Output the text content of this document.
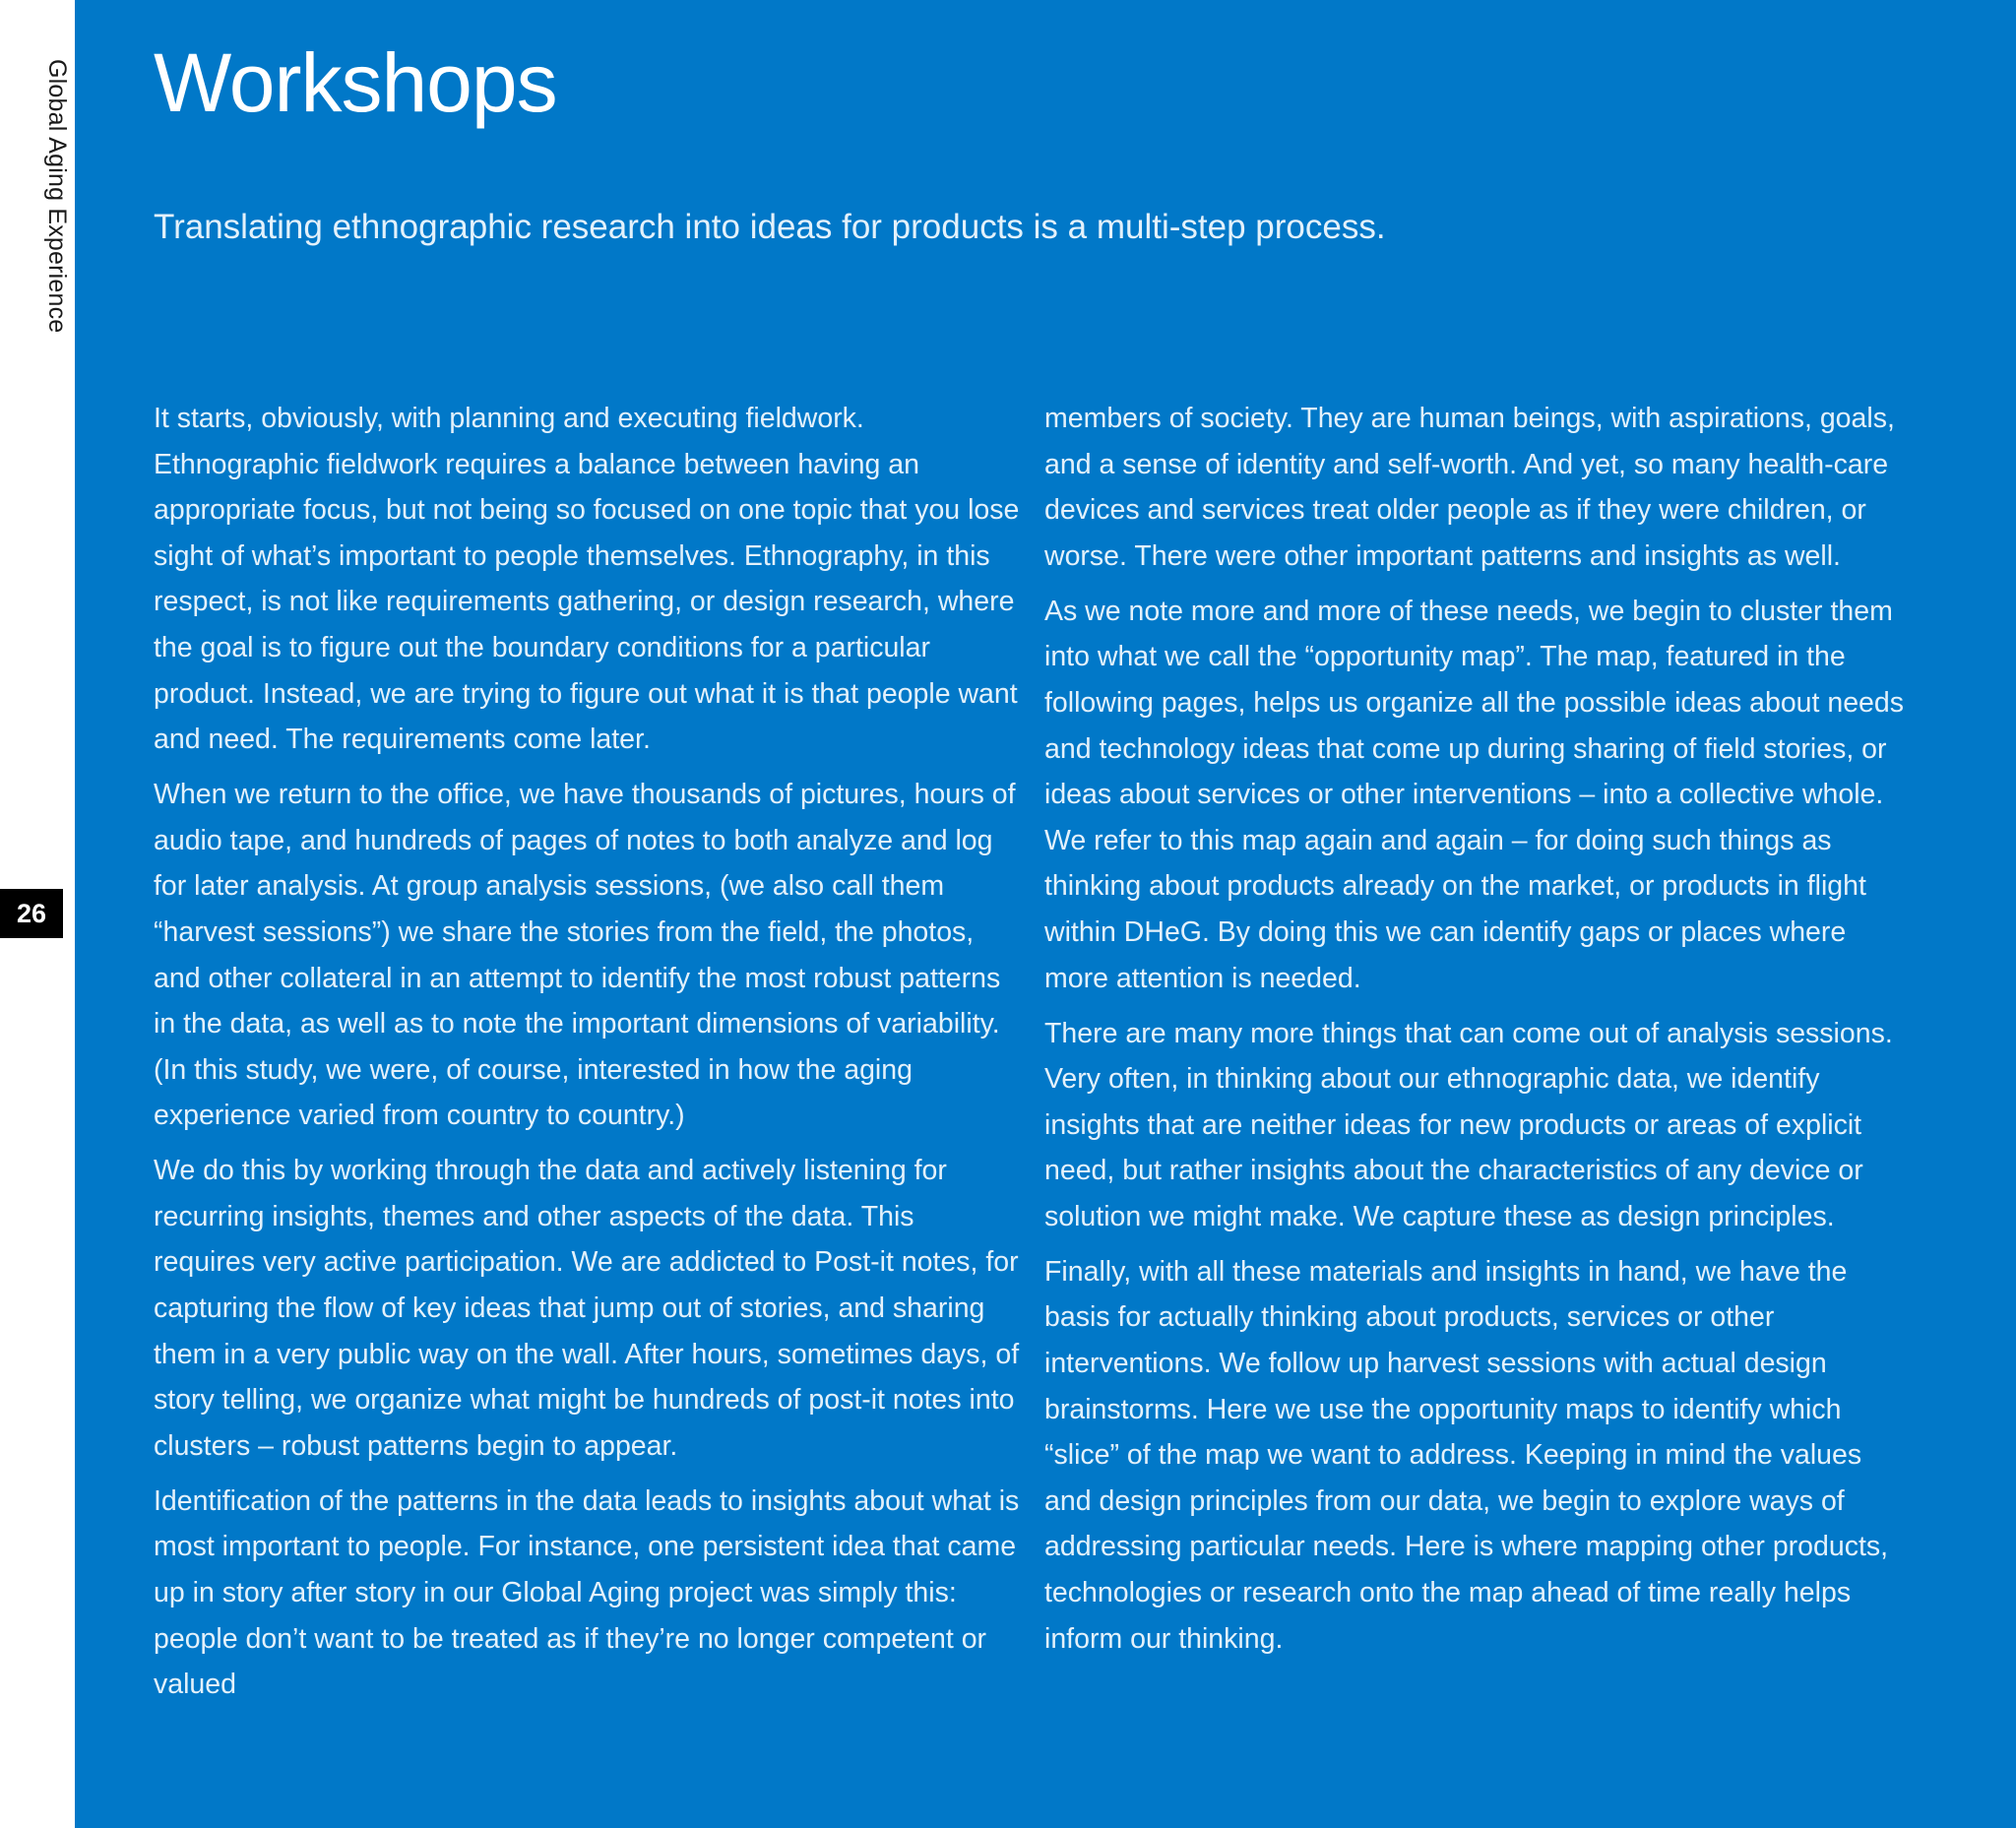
Global Aging Experience
26
Workshops
Translating ethnographic research into ideas for products is a multi-step process.

It starts, obviously, with planning and executing fieldwork. Ethnographic fieldwork requires a balance between having an appropriate focus, but not being so focused on one topic that you lose sight of what’s important to people themselves. Ethnography, in this respect, is not like requirements gathering, or design research, where the goal is to figure out the boundary conditions for a particular product. Instead, we are trying to figure out what it is that people want and need. The requirements come later.

When we return to the office, we have thousands of pictures, hours of audio tape, and hundreds of pages of notes to both analyze and log for later analysis. At group analysis sessions, (we also call them “harvest sessions”) we share the stories from the field, the photos, and other collateral in an attempt to identify the most robust patterns in the data, as well as to note the important dimensions of variability. (In this study, we were, of course, interested in how the aging experience varied from country to country.)

We do this by working through the data and actively listening for recurring insights, themes and other aspects of the data. This requires very active participation. We are addicted to Post-it notes, for capturing the flow of key ideas that jump out of stories, and sharing them in a very public way on the wall. After hours, sometimes days, of story telling, we organize what might be hundreds of post-it notes into clusters – robust patterns begin to appear.

Identification of the patterns in the data leads to insights about what is most important to people. For instance, one persistent idea that came up in story after story in our Global Aging project was simply this: people don’t want to be treated as if they’re no longer competent or valued

members of society. They are human beings, with aspirations, goals, and a sense of identity and self-worth. And yet, so many health-care devices and services treat older people as if they were children, or worse. There were other important patterns and insights as well.

As we note more and more of these needs, we begin to cluster them into what we call the “opportunity map”. The map, featured in the following pages, helps us organize all the possible ideas about needs and technology ideas that come up during sharing of field stories, or ideas about services or other interventions – into a collective whole. We refer to this map again and again – for doing such things as thinking about products already on the market, or products in flight within DHeG. By doing this we can identify gaps or places where more attention is needed.

There are many more things that can come out of analysis sessions. Very often, in thinking about our ethnographic data, we identify insights that are neither ideas for new products or areas of explicit need, but rather insights about the characteristics of any device or solution we might make. We capture these as design principles.

Finally, with all these materials and insights in hand, we have the basis for actually thinking about products, services or other interventions. We follow up harvest sessions with actual design brainstorms. Here we use the opportunity maps to identify which “slice” of the map we want to address. Keeping in mind the values and design principles from our data, we begin to explore ways of addressing particular needs. Here is where mapping other products, technologies or research onto the map ahead of time really helps inform our thinking.
